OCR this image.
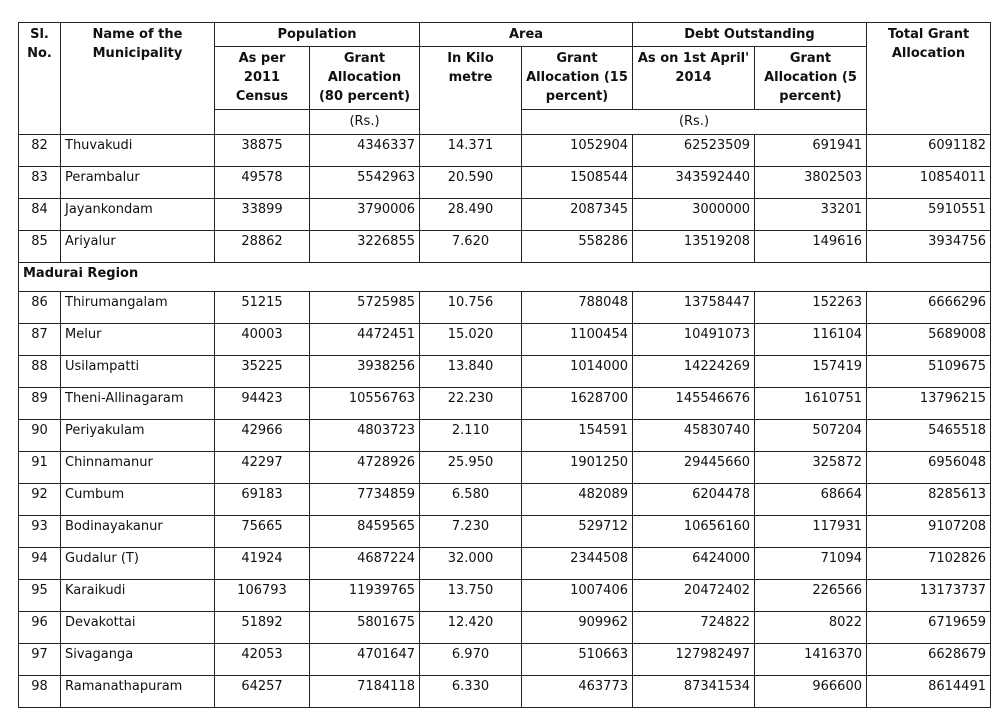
Sl. No.	Name of the Municipality	Population		Area		Debt Outstanding		Total Grant Allocation
		As per 2011 Census	Grant Allocation (80 percent)	In Kilo metre	Grant Allocation (15 percent)	As on 1st April' 2014	Grant Allocation (5 percent)	
			(Rs.)		(Rs.)			
82	Thuvakudi	38875	4346337	14.371	1052904	62523509	691941	6091182
83	Perambalur	49578	5542963	20.590	1508544	343592440	3802503	10854011
84	Jayankondam	33899	3790006	28.490	2087345	3000000	33201	5910551
85	Ariyalur	28862	3226855	7.620	558286	13519208	149616	3934756
Madurai Region								
86	Thirumangalam	51215	5725985	10.756	788048	13758447	152263	6666296
87	Melur	40003	4472451	15.020	1100454	10491073	116104	5689008
88	Usilampatti	35225	3938256	13.840	1014000	14224269	157419	5109675
89	Theni-Allinagaram	94423	10556763	22.230	1628700	145546676	1610751	13796215
90	Periyakulam	42966	4803723	2.110	154591	45830740	507204	5465518
91	Chinnamanur	42297	4728926	25.950	1901250	29445660	325872	6956048
92	Cumbum	69183	7734859	6.580	482089	6204478	68664	8285613
93	Bodinayakanur	75665	8459565	7.230	529712	10656160	117931	9107208
94	Gudalur (T)	41924	4687224	32.000	2344508	6424000	71094	7102826
95	Karaikudi	106793	11939765	13.750	1007406	20472402	226566	13173737
96	Devakottai	51892	5801675	12.420	909962	724822	8022	6719659
97	Sivaganga	42053	4701647	6.970	510663	127982497	1416370	6628679
98	Ramanathapuram	64257	7184118	6.330	463773	87341534	966600	8614491
